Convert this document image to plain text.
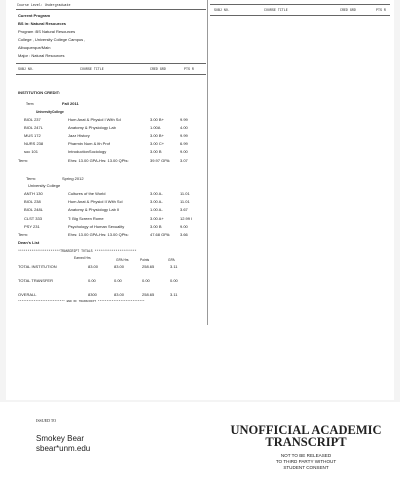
Course Level: Undergraduate
Current Program
BS in: Natural Resources
Program :BS Natural Resources
College , University College Campus ,
Albuquerque/Main
Major : Natural Resources
SUBJ NO.	COURSE TITLE	CRED GRD	PTS R
SUBJ NO.	COURSE TITLE	CRED GRD	PTS R
INSTITUTION CREDIT:
Term:	Fall 2011
UniversityCollege
BIOL 237	Hum Anat & Physiol I With Sd	3.00 B+	9.99
BIOL 247L	Anatomy & Physiology Lab	1.00A	4.00
MUS 172	Jazz History	3.00 B+	9.99
NURS 238	Pharmin Num & lth Prof	3.00 C+	6.99
soc 101	IntroductionSociology	3.00 B	9.00
Term:	Ehrs: 13.00 GPA-Hrs: 13.00 QPts:	39.97 GPA: 3.07
Term:	Spring 2012
University College
ANTH 130	Cultures of the World	3.00 A-	11.01
BIOL 238	Hum Anat & Physiol II With Scl	3.00 A-	11.01
BIOL 248L	Anatomy & Physiology Lab II	1.00 A-	3.67
CLST 333	T: Big Screen Rome	3.00 A+	12.99 I
PSY 231	Psychology of Human Sexuality	3.00 B	9.00
Term:	Ehrs: 13.00 GPA-Hrs: 13.00 QPts:	47.68 GPA: 3.66
Dean's List
**********************TRANSCRIPT TOTALS **********************
Earned Hrs	GPA Hrs	Points	GPA
TOTAL INSTITUTION	83.00	83.00	258.65	3.11
TOTAL TRANSFER	0.00	0.00	0.00	0.00
OVERALL	8300	83.00	258.65	3.11
*************************** END OF TRANSCRIPT ***************************
ISSUED TO
Smokey Bear
sbear*unm.edu
UNOFFICIAL ACADEMIC
TRANSCRIPT
NOT TO BE RELEASED
TO THIRD PARTY WITHOUT
STUDENT CONSENT
